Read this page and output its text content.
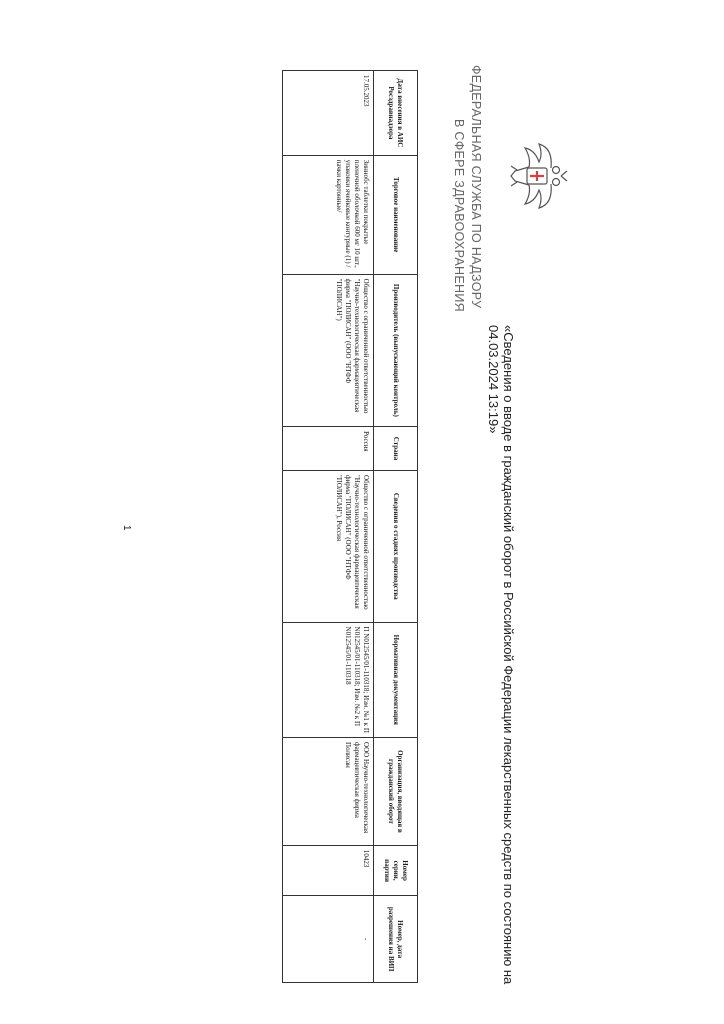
ФЕДЕРАЛЬНАЯ СЛУЖБА ПО НАДЗОРУ
В СФЕРЕ ЗДРАВООХРАНЕНИЯ
«Сведения о вводе в гражданский оборот в Российской Федерации лекарственных средств по состоянию на 04.03.2024 13:19»
Дата внесения в АИС Росздравнадзора	Торговое наименование	Производитель (выпускающий контроль)	Страна	Сведения о стадиях производства	Нормативная документация	Организация, вводящая в гражданский оборот	Номер серии, партии	Номер, дата разрешения на ВИП
17.05.2023	Зиннобс таблетки покрытые пленочной оболочкой 600 мг 10 шт., упаковки ячейковые контурные (1) /пачки картонные/	Общество с ограниченной ответственностью "Научно-технологическая фармацевтическая фирма "ПОЛИСАН" (ООО "НТФФ "ПОЛИСАН")	Россия	Общество с ограниченной ответственностью "Научно-технологическая фармацевтическая фирма "ПОЛИСАН" (ООО "НТФФ "ПОЛИСАН"), Россия	П N012545/01-110318; Изм. №1 к П N012545/01-110318; Изм. №2 к П N012545/01-110318	ООО Научно-технологическая фармацевтическая фирма Полисан	10423	-
1
